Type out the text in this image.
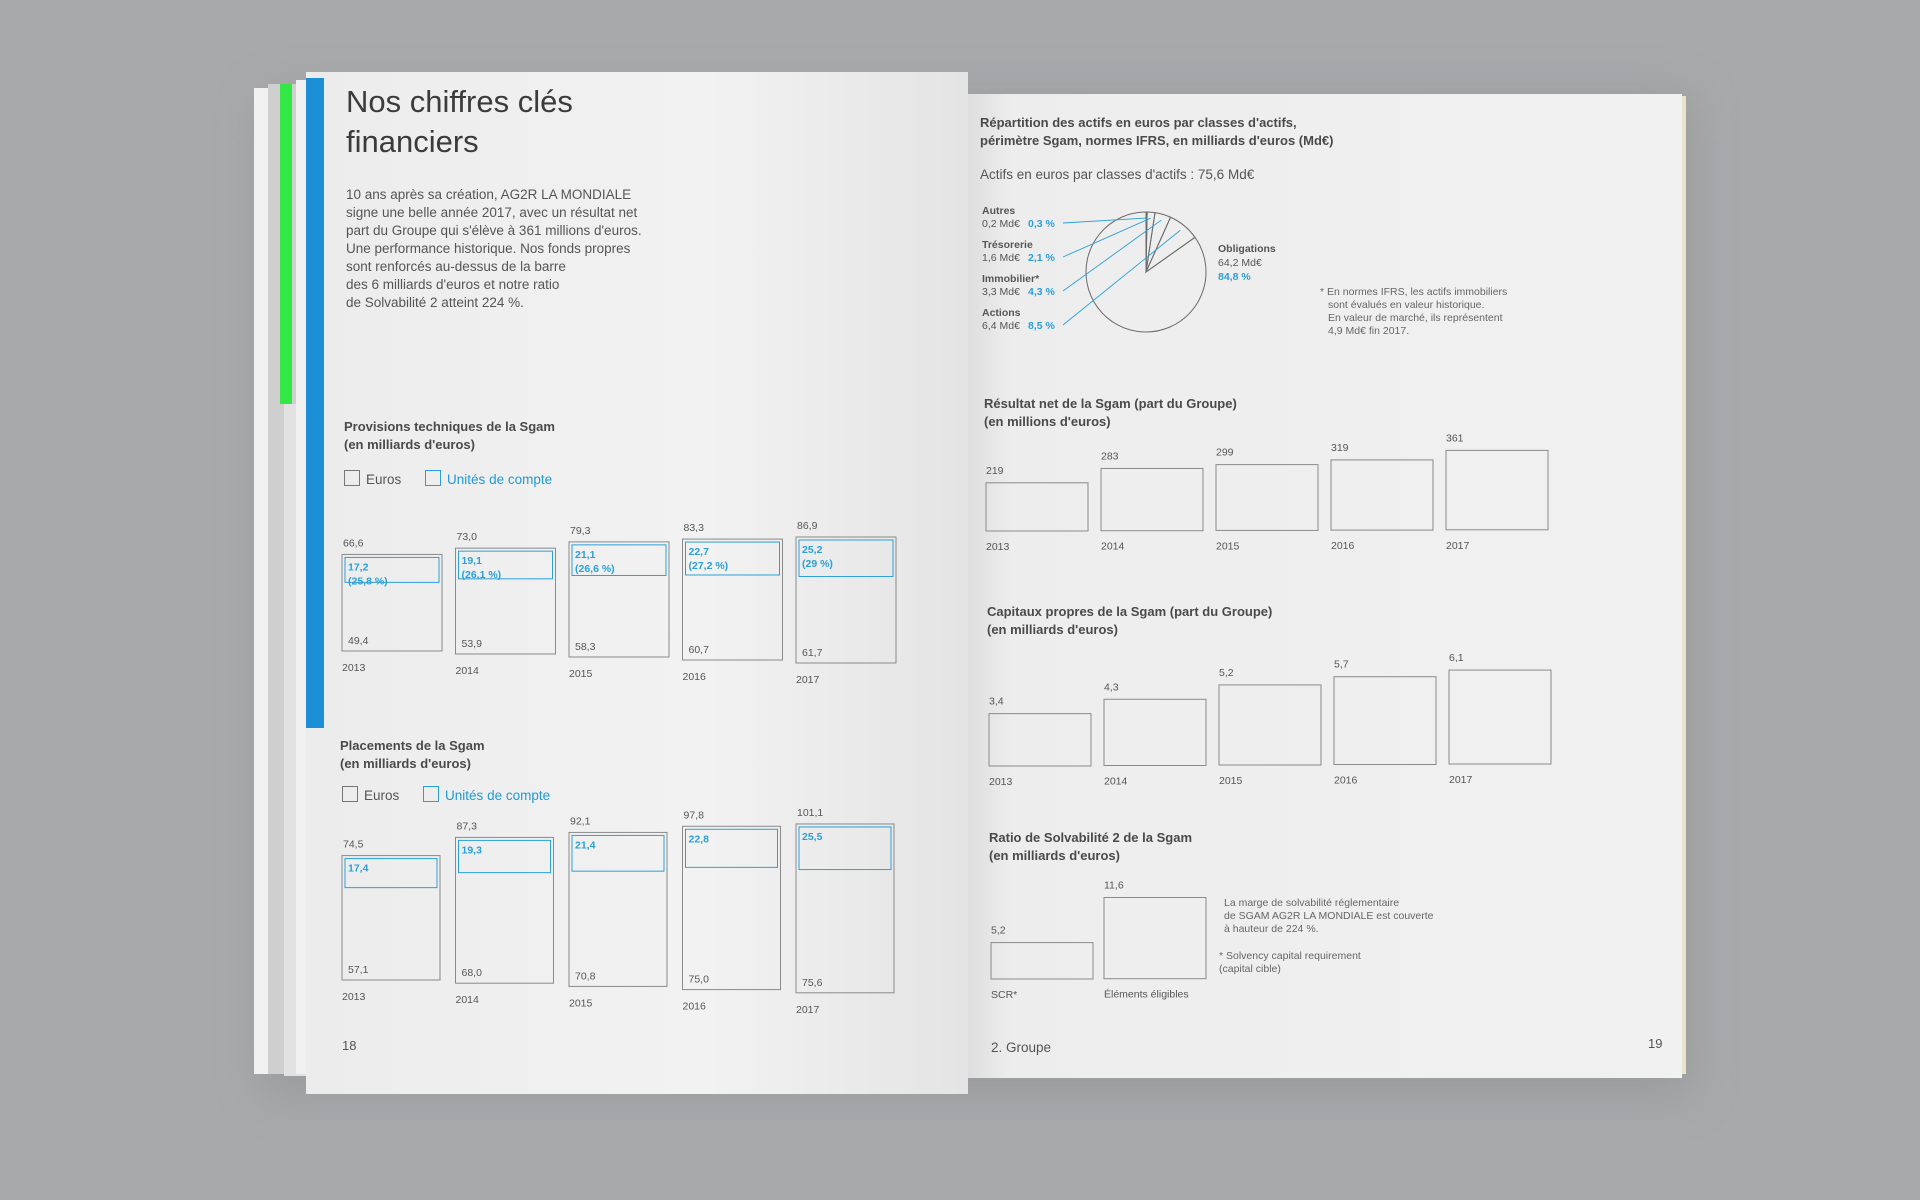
Nos chiffres clés
financiers
10 ans après sa création, AG2R LA MONDIALE
signe une belle année 2017, avec un résultat net
part du Groupe qui s'élève à 361 millions d'euros.
Une performance historique. Nos fonds propres
sont renforcés au-dessus de la barre
des 6 milliards d'euros et notre ratio
de Solvabilité 2 atteint 224 %.
Provisions techniques de la Sgam
(en milliards d'euros)
Euros	Unités de compte
66,6
17,2
(25,8 %)
49,4
2013
73,0
19,1
(26,1 %)
53,9
2014
79,3
21,1
(26,6 %)
58,3
2015
83,3
22,7
(27,2 %)
60,7
2016
86,9
25,2
(29 %)
61,7
2017
Placements de la Sgam
(en milliards d'euros)
Euros	Unités de compte
74,5
17,4
57,1
2013
87,3
19,3
68,0
2014
92,1
21,4
70,8
2015
97,8
22,8
75,0
2016
101,1
25,5
75,6
2017
18
Répartition des actifs en euros par classes d'actifs,
périmètre Sgam, normes IFRS, en milliards d'euros (Md€)
Actifs en euros par classes d'actifs : 75,6 Md€
Autres
0,2 Md€ 0,3 %
Trésorerie
1,6 Md€ 2,1 %
Immobilier*
3,3 Md€ 4,3 %
Actions
6,4 Md€ 8,5 %
Obligations
64,2 Md€
84,8 %
* En normes IFRS, les actifs immobiliers
sont évalués en valeur historique.
En valeur de marché, ils représentent
4,9 Md€ fin 2017.
Résultat net de la Sgam (part du Groupe)
(en millions d'euros)
219
2013
283
2014
299
2015
319
2016
361
2017
Capitaux propres de la Sgam (part du Groupe)
(en milliards d'euros)
3,4
2013
4,3
2014
5,2
2015
5,7
2016
6,1
2017
Ratio de Solvabilité 2 de la Sgam
(en milliards d'euros)
5,2
SCR*
11,6
Éléments éligibles
La marge de solvabilité réglementaire
de SGAM AG2R LA MONDIALE est couverte
à hauteur de 224 %.
* Solvency capital requirement
(capital cible)
2. Groupe	19
